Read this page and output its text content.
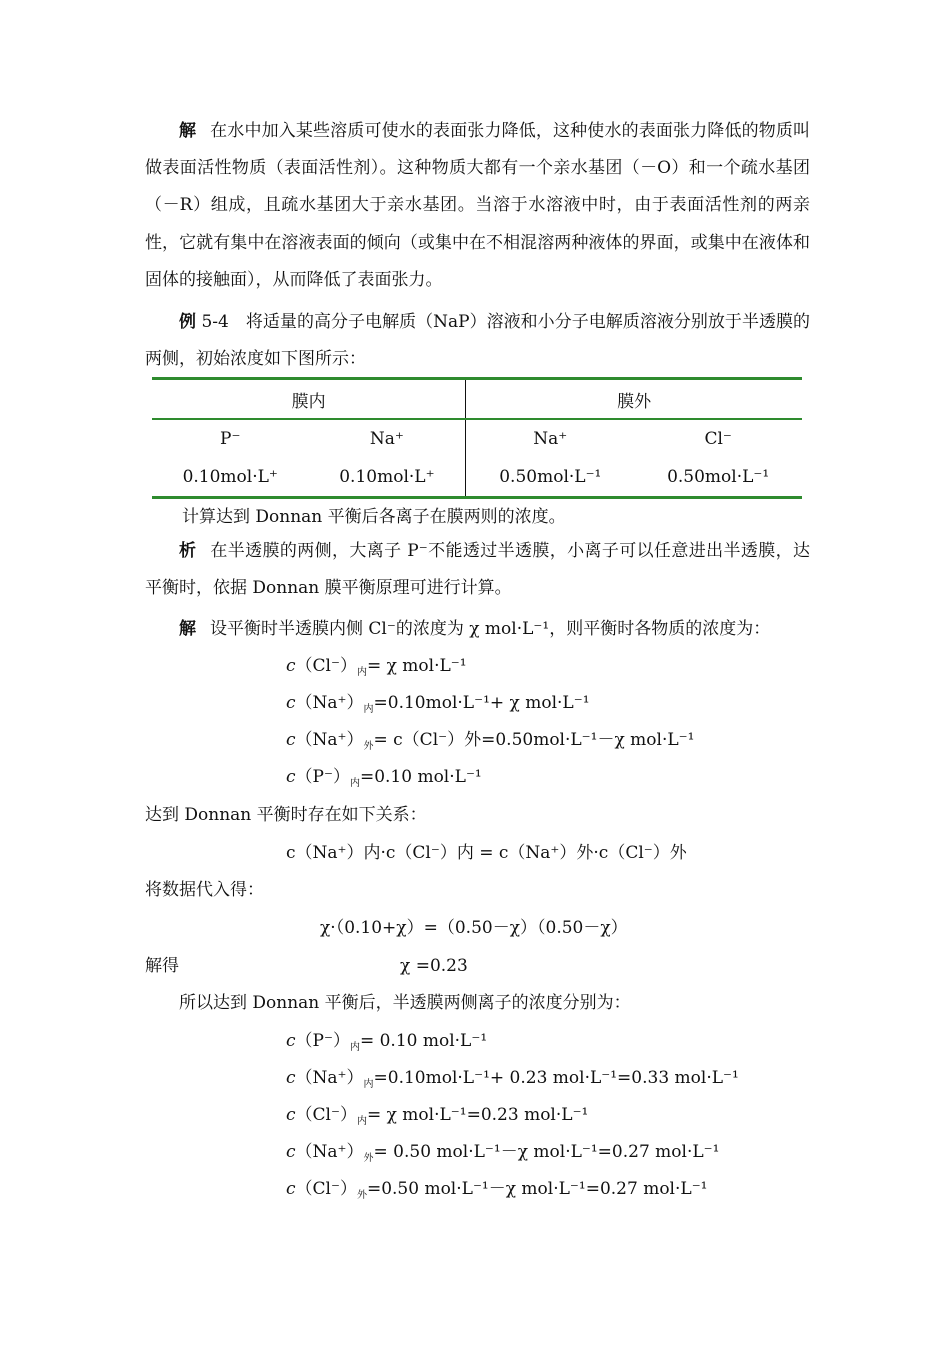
解 在水中加入某些溶质可使水的表面张力降低，这种使水的表面张力降低的物质叫做表面活性物质（表面活性剂）。这种物质大都有一个亲水基团（－O）和一个疏水基团（－R）组成，且疏水基团大于亲水基团。当溶于水溶液中时，由于表面活性剂的两亲性，它就有集中在溶液表面的倾向（或集中在不相混溶两种液体的界面，或集中在液体和固体的接触面），从而降低了表面张力。
例 5-4　将适量的高分子电解质（NaP）溶液和小分子电解质溶液分别放于半透膜的两侧，初始浓度如下图所示：
膜内		膜外	
P⁻	Na⁺	Na⁺	Cl⁻
0.10mol·L⁺	0.10mol·L⁺	0.50mol·L⁻¹	0.50mol·L⁻¹
计算达到 Donnan 平衡后各离子在膜两则的浓度。
析 在半透膜的两侧，大离子 P⁻不能透过半透膜，小离子可以任意进出半透膜，达平衡时，依据 Donnan 膜平衡原理可进行计算。
解 设平衡时半透膜内侧 Cl⁻的浓度为 χ mol·L⁻¹，则平衡时各物质的浓度为：
$c(Cl^-)_内= \chi$ mol·L⁻¹
$c(Na^+)_内=0.10mol\cdot L^{-1}+ \chi$ mol·L⁻¹
$c(Na^+)_外= c(Cl^-)$外=0.50mol·L⁻¹－χ mol·L⁻¹
$c(P^-)_内=0.10$ mol·L⁻¹
达到 Donnan 平衡时存在如下关系：
c（Na⁺）内·c（Cl⁻）内 = c（Na⁺）外·c（Cl⁻）外
将数据代入得：
χ·（0.10+χ）=（0.50－χ）（0.50－χ）
解得	χ =0.23
所以达到 Donnan 平衡后，半透膜两侧离子的浓度分别为：
$c(P^-)_内= 0.10$ mol·L⁻¹
$c(Na^+)_内=0.10mol\cdot L^{-1}+ 0.23$ mol·L⁻¹=0.33 mol·L⁻¹
$c(Cl^-)_内= \chi$ mol·L⁻¹=0.23 mol·L⁻¹
$c(Na^+)_外= 0.50$ mol·L⁻¹－χ mol·L⁻¹=0.27 mol·L⁻¹
$c(Cl^-)_外=0.50$ mol·L⁻¹－χ mol·L⁻¹=0.27 mol·L⁻¹
